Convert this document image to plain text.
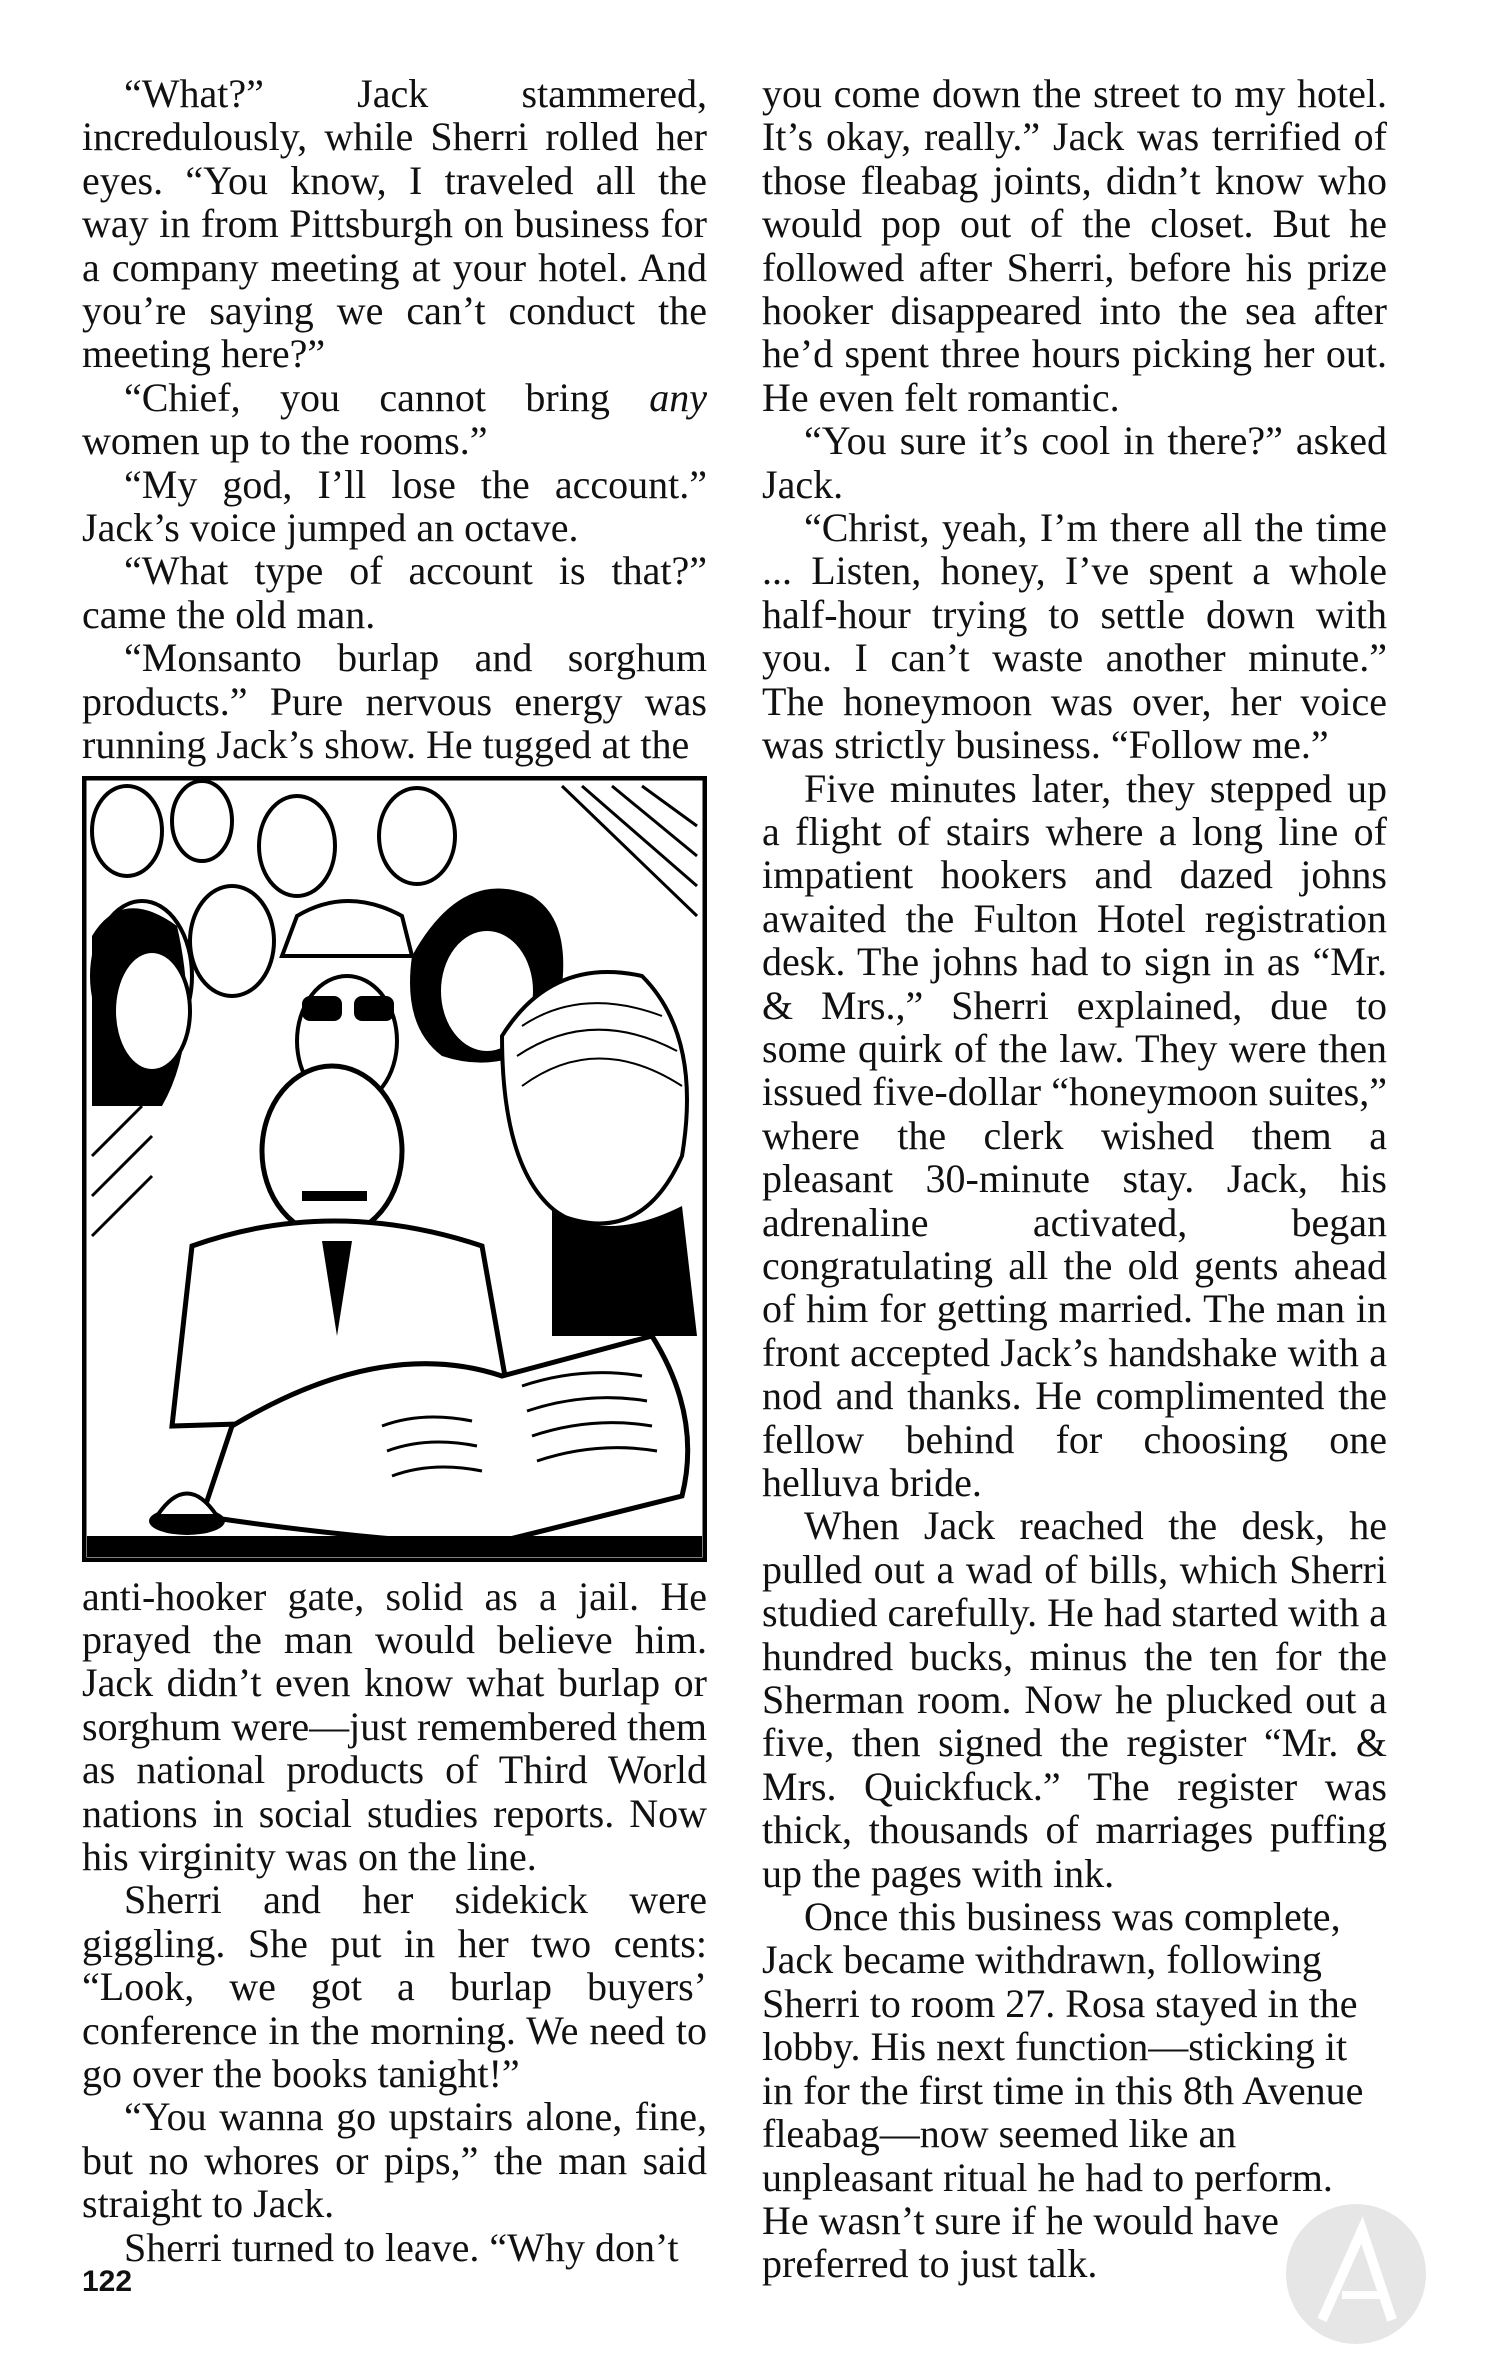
“What?” Jack stammered, incredulously, while Sherri rolled her eyes. “You know, I traveled all the way in from Pittsburgh on business for a company meeting at your hotel. And you’re saying we can’t conduct the meeting here?”

“Chief, you cannot bring any women up to the rooms.”

“My god, I’ll lose the account.” Jack’s voice jumped an octave.

“What type of account is that?” came the old man.

“Monsanto burlap and sorghum products.” Pure nervous energy was running Jack’s show. He tugged at the

anti-hooker gate, solid as a jail. He prayed the man would believe him. Jack didn’t even know what burlap or sorghum were—just remembered them as national products of Third World nations in social studies reports. Now his virginity was on the line.

Sherri and her sidekick were giggling. She put in her two cents: “Look, we got a burlap buyers’ conference in the morning. We need to go over the books tanight!”

“You wanna go upstairs alone, fine, but no whores or pips,” the man said straight to Jack.

Sherri turned to leave. “Why don’t

you come down the street to my hotel. It’s okay, really.” Jack was terrified of those fleabag joints, didn’t know who would pop out of the closet. But he followed after Sherri, before his prize hooker disappeared into the sea after he’d spent three hours picking her out. He even felt romantic.

“You sure it’s cool in there?” asked Jack.

“Christ, yeah, I’m there all the time ... Listen, honey, I’ve spent a whole half-hour trying to settle down with you. I can’t waste another minute.” The honeymoon was over, her voice was strictly business. “Follow me.”

Five minutes later, they stepped up a flight of stairs where a long line of impatient hookers and dazed johns awaited the Fulton Hotel registration desk. The johns had to sign in as “Mr. & Mrs.,” Sherri explained, due to some quirk of the law. They were then issued five-dollar “honeymoon suites,” where the clerk wished them a pleasant 30-minute stay. Jack, his adrenaline activated, began congratulating all the old gents ahead of him for getting married. The man in front accepted Jack’s handshake with a nod and thanks. He complimented the fellow behind for choosing one helluva bride.

When Jack reached the desk, he pulled out a wad of bills, which Sherri studied carefully. He had started with a hundred bucks, minus the ten for the Sherman room. Now he plucked out a five, then signed the register “Mr. & Mrs. Quickfuck.” The register was thick, thousands of marriages puffing up the pages with ink.

Once this business was complete, Jack became withdrawn, following Sherri to room 27. Rosa stayed in the lobby. His next function—sticking it in for the first time in this 8th Avenue fleabag—now seemed like an unpleasant ritual he had to perform. He wasn’t sure if he would have preferred to just talk.

122
